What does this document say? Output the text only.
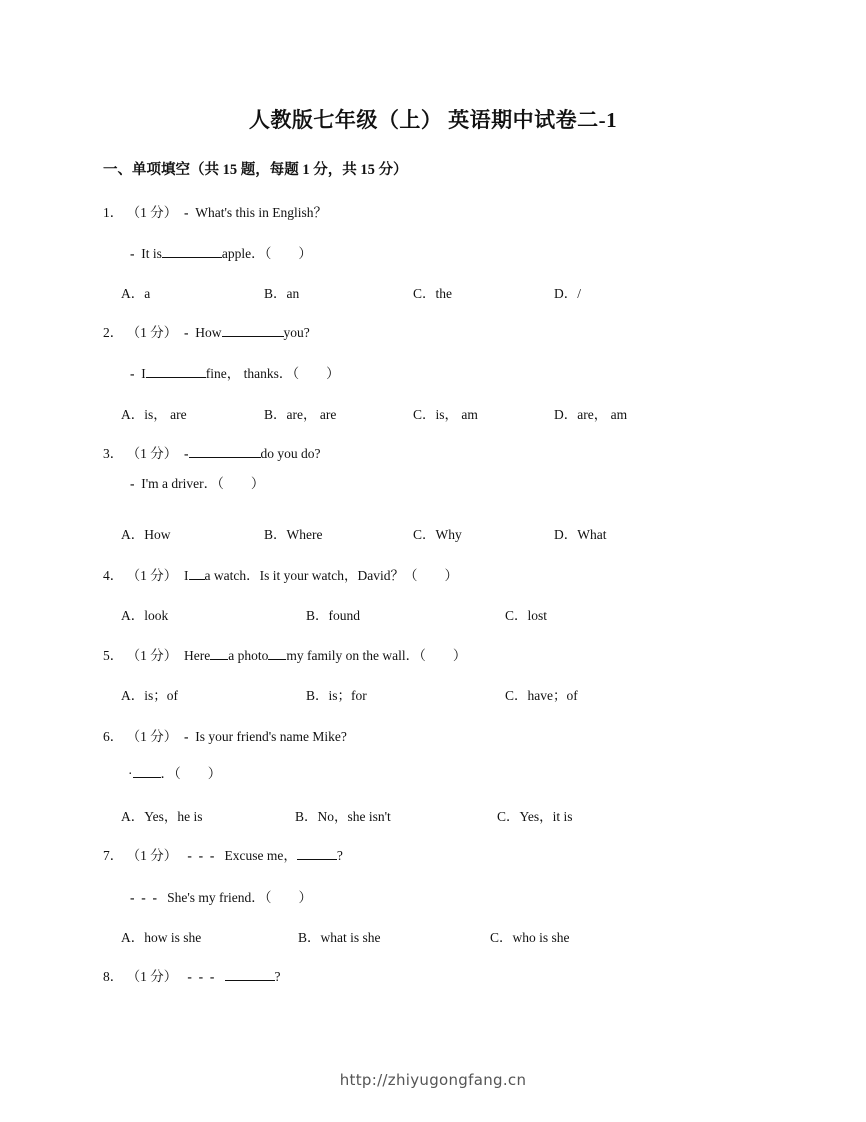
人教版七年级（上） 英语期中试卷二-1
一、单项填空（共 15 题，每题 1 分，共 15 分）
1． （1 分） - What's this in English？
- It is	apple．（　　）
A．a	B．an	C．the	D．/
2． （1 分） - How	you?
- I	fine， thanks．（　　）
A．is， are	B．are， are	C．is， am	D．are， am
3． （1 分） -	do you do?
- I'm a driver．（　　）
A．How	B．Where	C．Why	D．What
4． （1 分） I a watch．Is it your watch，David？（　　）
A．look	B．found	C．lost
5． （1 分） Here a photo my family on the wall．（　　）
A．is；of	B．is；for	C．have；of
6． （1 分） - Is your friend's name Mike?
· ．（　　）
A．Yes，he is	B．No，she isn't	C．Yes，it is
7． （1 分） -  -  - Excuse me，	?
-  -  - She's my friend．（　　）
A．how is she	B．what is she	C．who is she
8． （1 分） -  -  -	?
http://zhiyugongfang.cn
